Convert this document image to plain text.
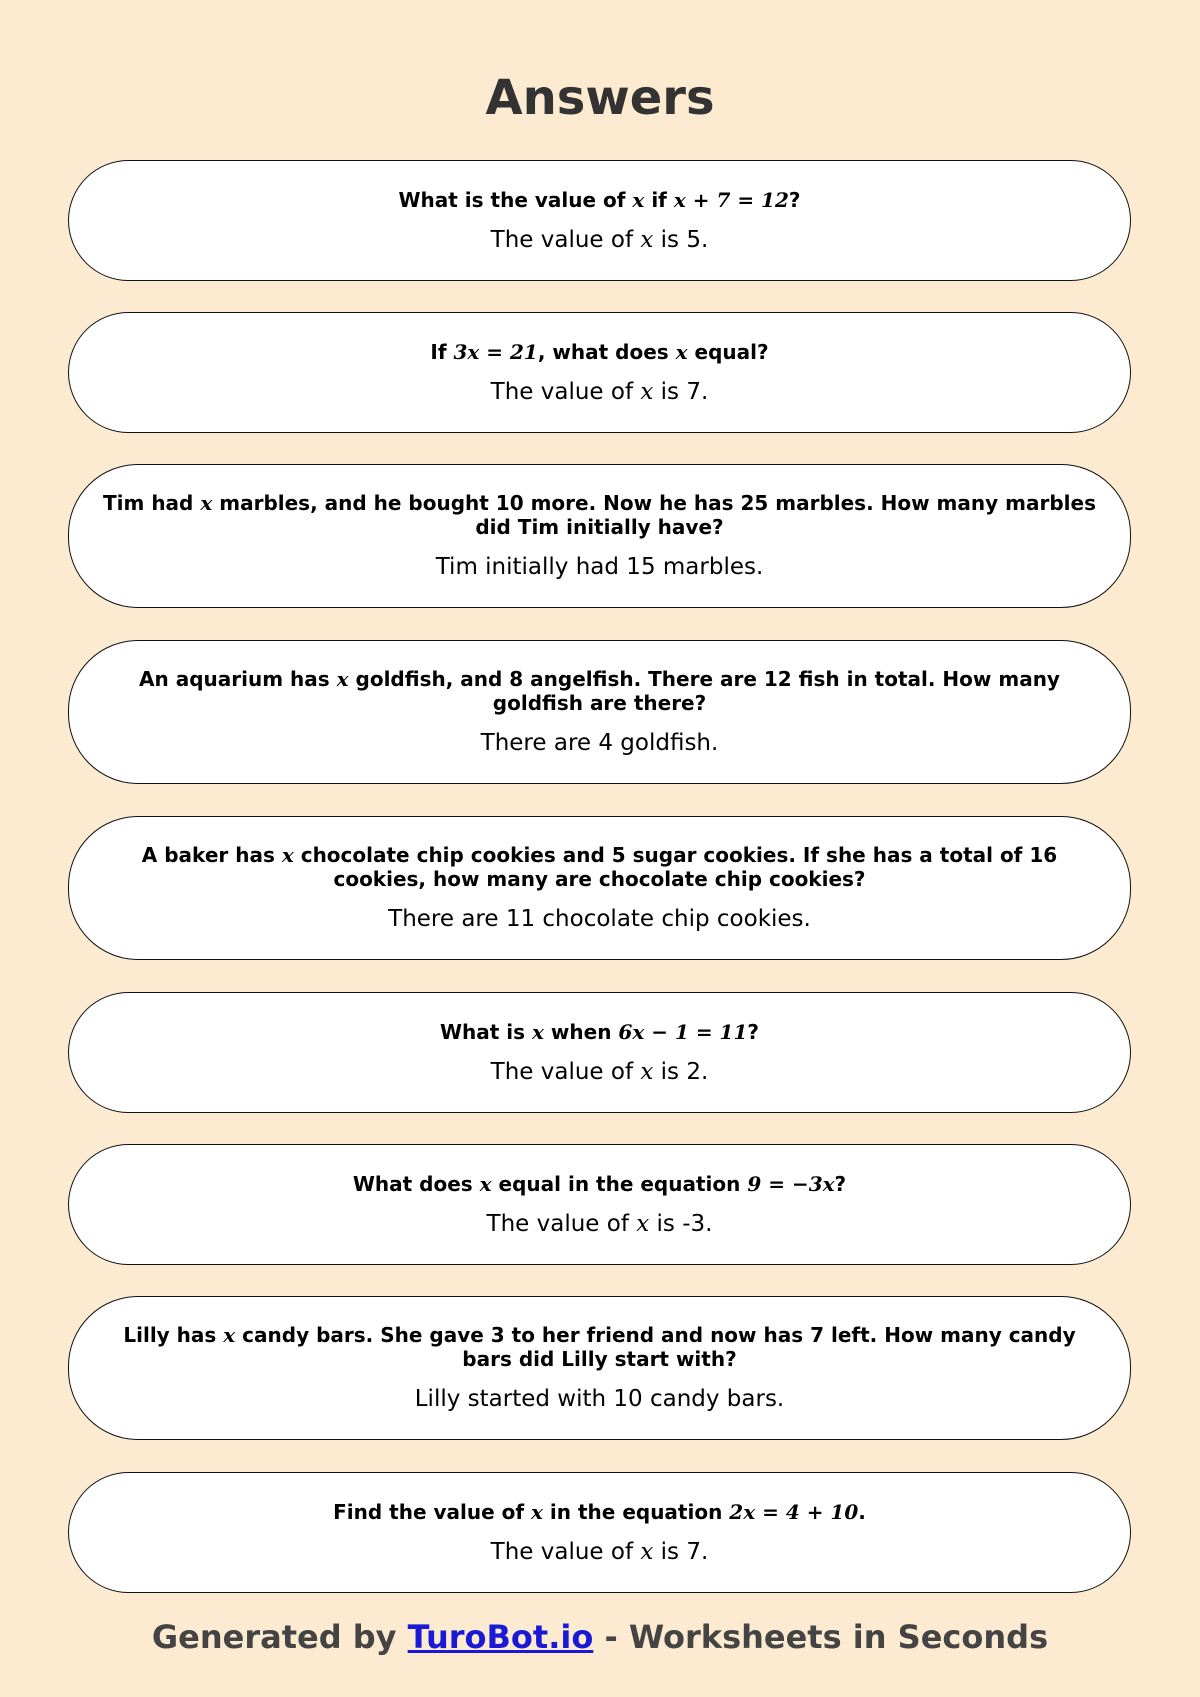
Answers

What is the value of x if x + 7 = 12?

The value of x is 5.

If 3x = 21, what does x equal?

The value of x is 7.

Tim had x marbles, and he bought 10 more. Now he has 25 marbles. How many marbles did Tim initially have?

Tim initially had 15 marbles.

An aquarium has x goldfish, and 8 angelfish. There are 12 fish in total. How many goldfish are there?

There are 4 goldfish.

A baker has x chocolate chip cookies and 5 sugar cookies. If she has a total of 16 cookies, how many are chocolate chip cookies?

There are 11 chocolate chip cookies.

What is x when 6x − 1 = 11?

The value of x is 2.

What does x equal in the equation 9 = −3x?

The value of x is -3.

Lilly has x candy bars. She gave 3 to her friend and now has 7 left. How many candy bars did Lilly start with?

Lilly started with 10 candy bars.

Find the value of x in the equation 2x = 4 + 10.

The value of x is 7.

Generated by TuroBot.io - Worksheets in Seconds
